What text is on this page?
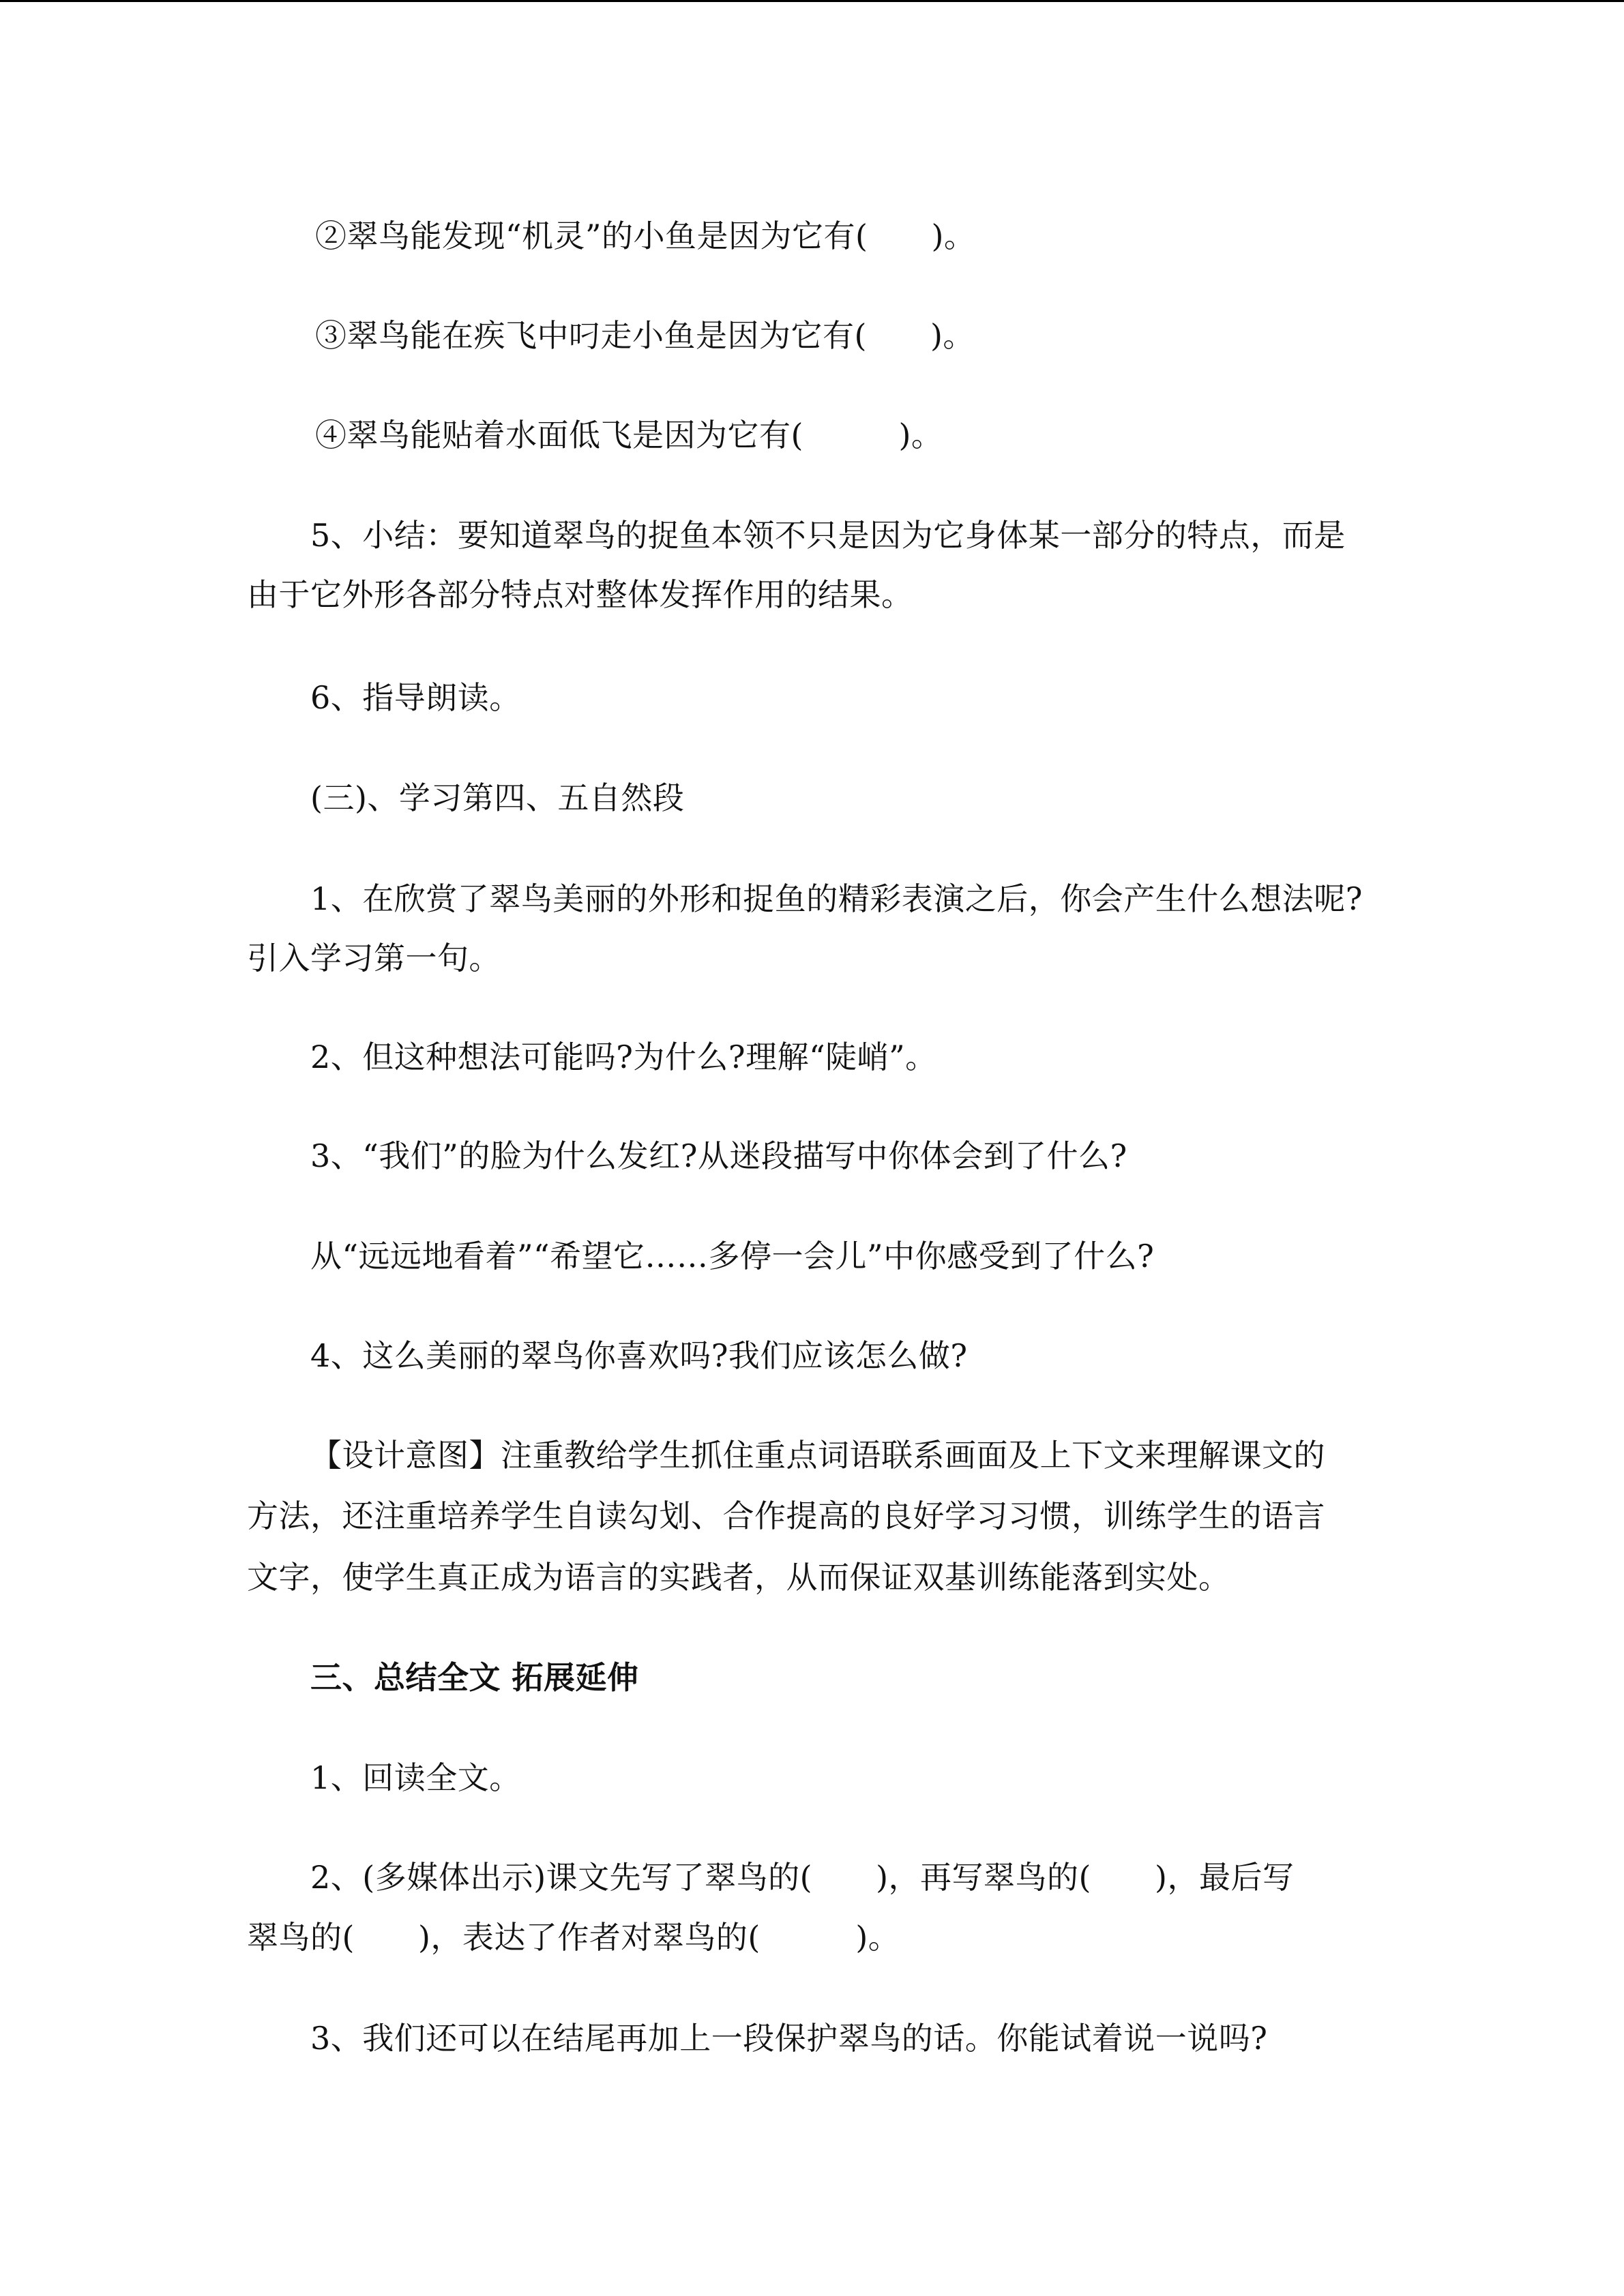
②翠鸟能发现“机灵”的小鱼是因为它有(　　)。
③翠鸟能在疾飞中叼走小鱼是因为它有(　　)。
④翠鸟能贴着水面低飞是因为它有(　　　)。
5、小结：要知道翠鸟的捉鱼本领不只是因为它身体某一部分的特点，而是
由于它外形各部分特点对整体发挥作用的结果。
6、指导朗读。
(三)、学习第四、五自然段
1、在欣赏了翠鸟美丽的外形和捉鱼的精彩表演之后，你会产生什么想法呢?
引入学习第一句。
2、但这种想法可能吗?为什么?理解“陡峭”。
3、“我们”的脸为什么发红?从迷段描写中你体会到了什么?
从“远远地看着”“希望它……多停一会儿”中你感受到了什么?
4、这么美丽的翠鸟你喜欢吗?我们应该怎么做?
【设计意图】注重教给学生抓住重点词语联系画面及上下文来理解课文的
方法，还注重培养学生自读勾划、合作提高的良好学习习惯，训练学生的语言
文字，使学生真正成为语言的实践者，从而保证双基训练能落到实处。
三、总结全文 拓展延伸
1、回读全文。
2、(多媒体出示)课文先写了翠鸟的(　　)，再写翠鸟的(　　)，最后写
翠鸟的(　　)，表达了作者对翠鸟的(　　　)。
3、我们还可以在结尾再加上一段保护翠鸟的话。你能试着说一说吗?
